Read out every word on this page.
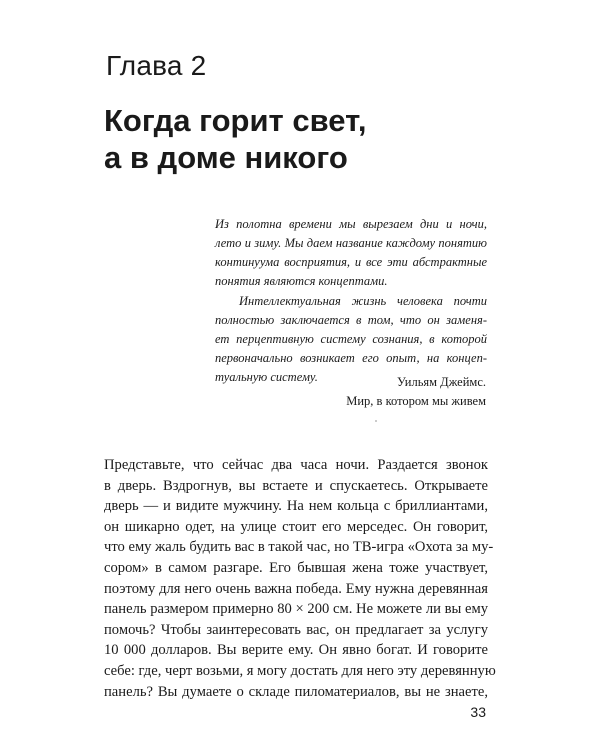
Глава 2
Когда горит свет,
а в доме никого
Из полотна времени мы вырезаем дни и ночи,
лето и зиму. Мы даем название каждому понятию
континуума восприятия, и все эти абстрактные
понятия являются концептами.
Интеллектуальная жизнь человека почти
полностью заключается в том, что он заменя-
ет перцептивную систему сознания, в которой
первоначально возникает его опыт, на концеп-
туальную систему.	Уильям Джеймс.
Мир, в котором мы живем
Представьте, что сейчас два часа ночи. Раздается звонок
в дверь. Вздрогнув, вы встаете и спускаетесь. Открываете
дверь — и видите мужчину. На нем кольца с бриллиантами,
он шикарно одет, на улице стоит его мерседес. Он говорит,
что ему жаль будить вас в такой час, но ТВ-игра «Охота за му-
сором» в самом разгаре. Его бывшая жена тоже участвует,
поэтому для него очень важна победа. Ему нужна деревянная
панель размером примерно 80 × 200 см. Не можете ли вы ему
помочь? Чтобы заинтересовать вас, он предлагает за услугу
10 000 долларов. Вы верите ему. Он явно богат. И говорите
себе: где, черт возьми, я могу достать для него эту деревянную
панель? Вы думаете о складе пиломатериалов, вы не знаете,
33
